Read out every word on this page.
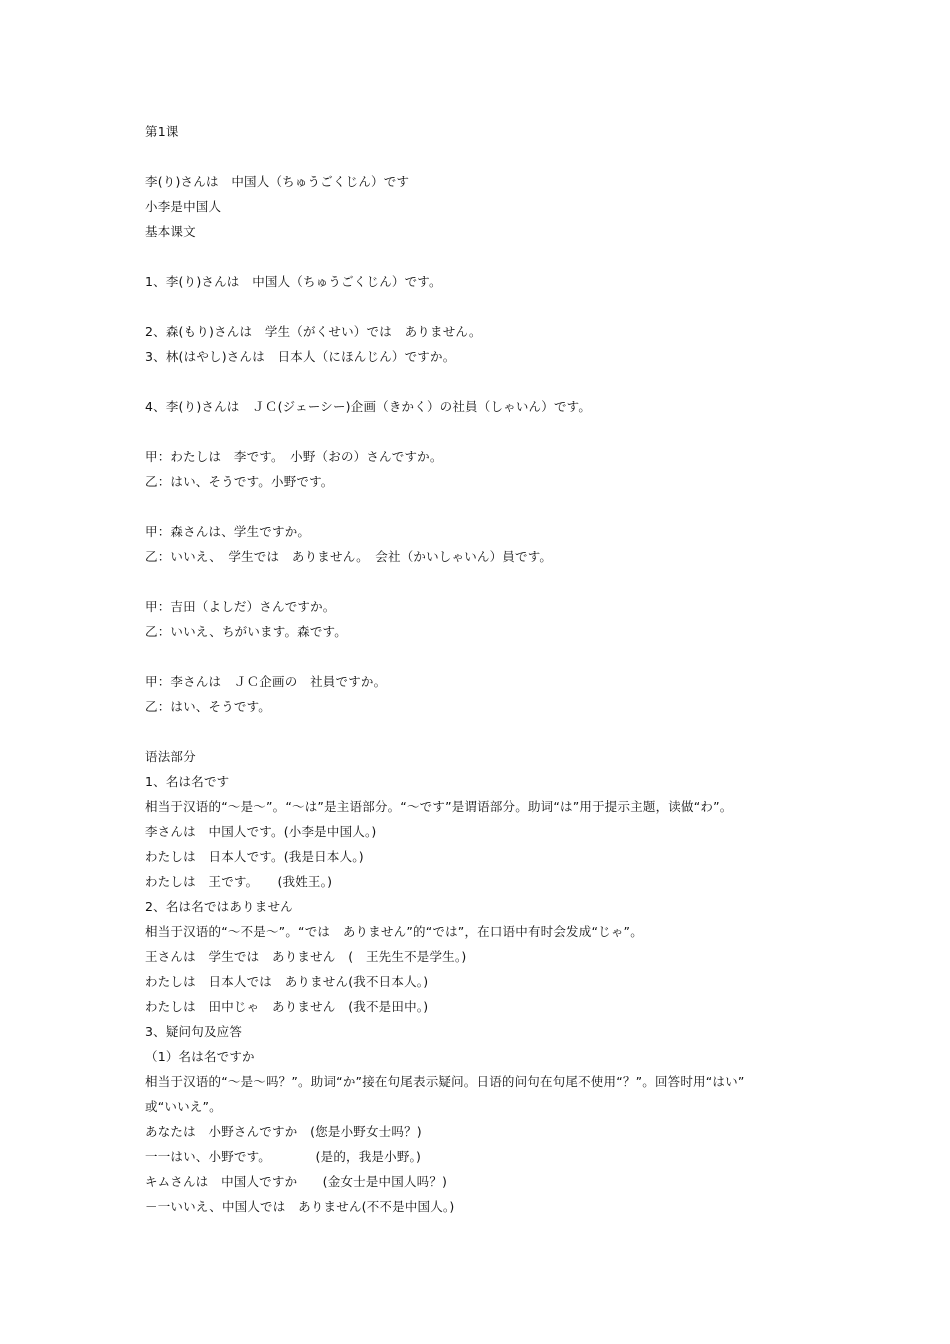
第1课
李(り)さんは　中国人（ちゅうごくじん）です
小李是中国人
基本课文
1、李(り)さんは　中国人（ちゅうごくじん）です。
2、森(もり)さんは　学生（がくせい）では　ありません。
3、林(はやし)さんは　日本人（にほんじん）ですか。
4、李(り)さんは　ＪＣ(ジェーシー)企画（きかく）の社員（しゃいん）です。
甲：わたしは　李です。　小野（おの）さんですか。
乙：はい、そうです。小野です。
甲：森さんは、学生ですか。
乙：いいえ、　学生では　ありません。　会社（かいしゃいん）員です。
甲：吉田（よしだ）さんですか。
乙：いいえ、ちがいます。森です。
甲：李さんは　ＪＣ企画の　社員ですか。
乙：はい、そうです。
语法部分
1、名は名です
相当于汉语的“～是～”。“～は”是主语部分。“～です”是谓语部分。助词“は”用于提示主题，读做“わ”。
李さんは　中国人です。(小李是中国人。)
わたしは　日本人です。(我是日本人。)
わたしは　王です。　　(我姓王。)
2、名は名ではありません
相当于汉语的“～不是～”。“では　ありません”的“では”，在口语中有时会发成“じゃ”。
王さんは　学生では　ありません　(　王先生不是学生。)
わたしは　日本人では　ありません(我不日本人。)
わたしは　田中じゃ　ありません　(我不是田中。)
3、疑问句及应答
（1）名は名ですか
相当于汉语的“～是～吗？”。助词“か”接在句尾表示疑问。日语的问句在句尾不使用“？”。回答时用“はい”
或“いいえ”。
あなたは　小野さんですか　(您是小野女士吗？)
一一はい、小野です。　　　　(是的，我是小野。)
キムさんは　中国人ですか　　(金女士是中国人吗？)
－一いいえ、中国人では　ありません(不不是中国人。)
